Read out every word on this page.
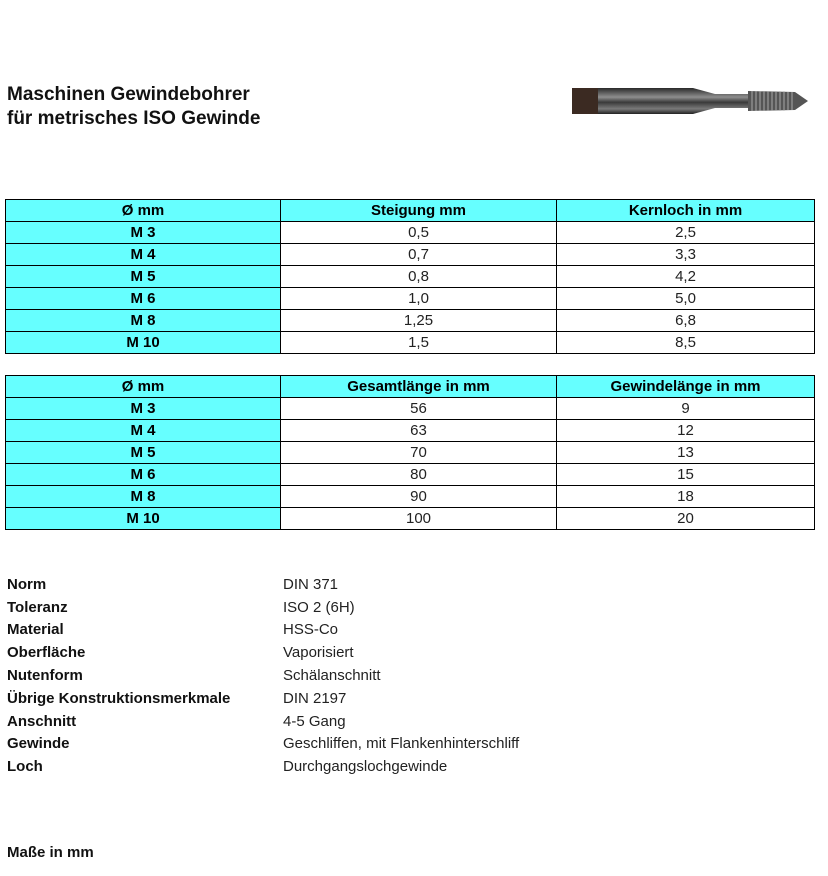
Maschinen Gewindebohrer
für metrisches ISO Gewinde
Ø mm	Steigung mm	Kernloch in mm
M 3	0,5	2,5
M 4	0,7	3,3
M 5	0,8	4,2
M 6	1,0	5,0
M 8	1,25	6,8
M 10	1,5	8,5
Ø mm	Gesamtlänge in mm	Gewindelänge in mm
M 3	56	9
M 4	63	12
M 5	70	13
M 6	80	15
M 8	90	18
M 10	100	20
Norm	DIN 371
Toleranz	ISO 2 (6H)
Material	HSS-Co
Oberfläche	Vaporisiert
Nutenform	Schälanschnitt
Übrige Konstruktionsmerkmale	DIN 2197
Anschnitt	4-5 Gang
Gewinde	Geschliffen, mit Flankenhinterschliff
Loch	Durchgangslochgewinde
Maße in mm
